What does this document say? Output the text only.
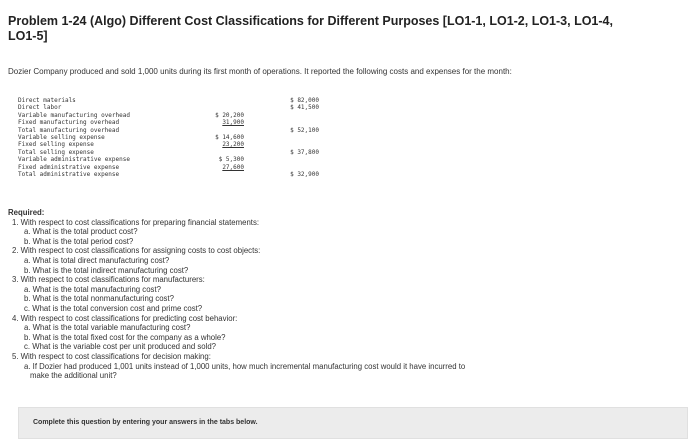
Problem 1-24 (Algo) Different Cost Classifications for Different Purposes [LO1-1, LO1-2, LO1-3, LO1-4, LO1-5]
Dozier Company produced and sold 1,000 units during its first month of operations. It reported the following costs and expenses for the month:
Direct materials	$ 82,000
Direct labor	$ 41,500
Variable manufacturing overhead	$ 20,200
Fixed manufacturing overhead	31,900
Total manufacturing overhead	$ 52,100
Variable selling expense	$ 14,600
Fixed selling expense	23,200
Total selling expense	$ 37,800
Variable administrative expense	$ 5,300
Fixed administrative expense	27,600
Total administrative expense	$ 32,900
Required:
1. With respect to cost classifications for preparing financial statements:
a. What is the total product cost?
b. What is the total period cost?
2. With respect to cost classifications for assigning costs to cost objects:
a. What is total direct manufacturing cost?
b. What is the total indirect manufacturing cost?
3. With respect to cost classifications for manufacturers:
a. What is the total manufacturing cost?
b. What is the total nonmanufacturing cost?
c. What is the total conversion cost and prime cost?
4. With respect to cost classifications for predicting cost behavior:
a. What is the total variable manufacturing cost?
b. What is the total fixed cost for the company as a whole?
c. What is the variable cost per unit produced and sold?
5. With respect to cost classifications for decision making:
a. If Dozier had produced 1,001 units instead of 1,000 units, how much incremental manufacturing cost would it have incurred to
make the additional unit?
Complete this question by entering your answers in the tabs below.
